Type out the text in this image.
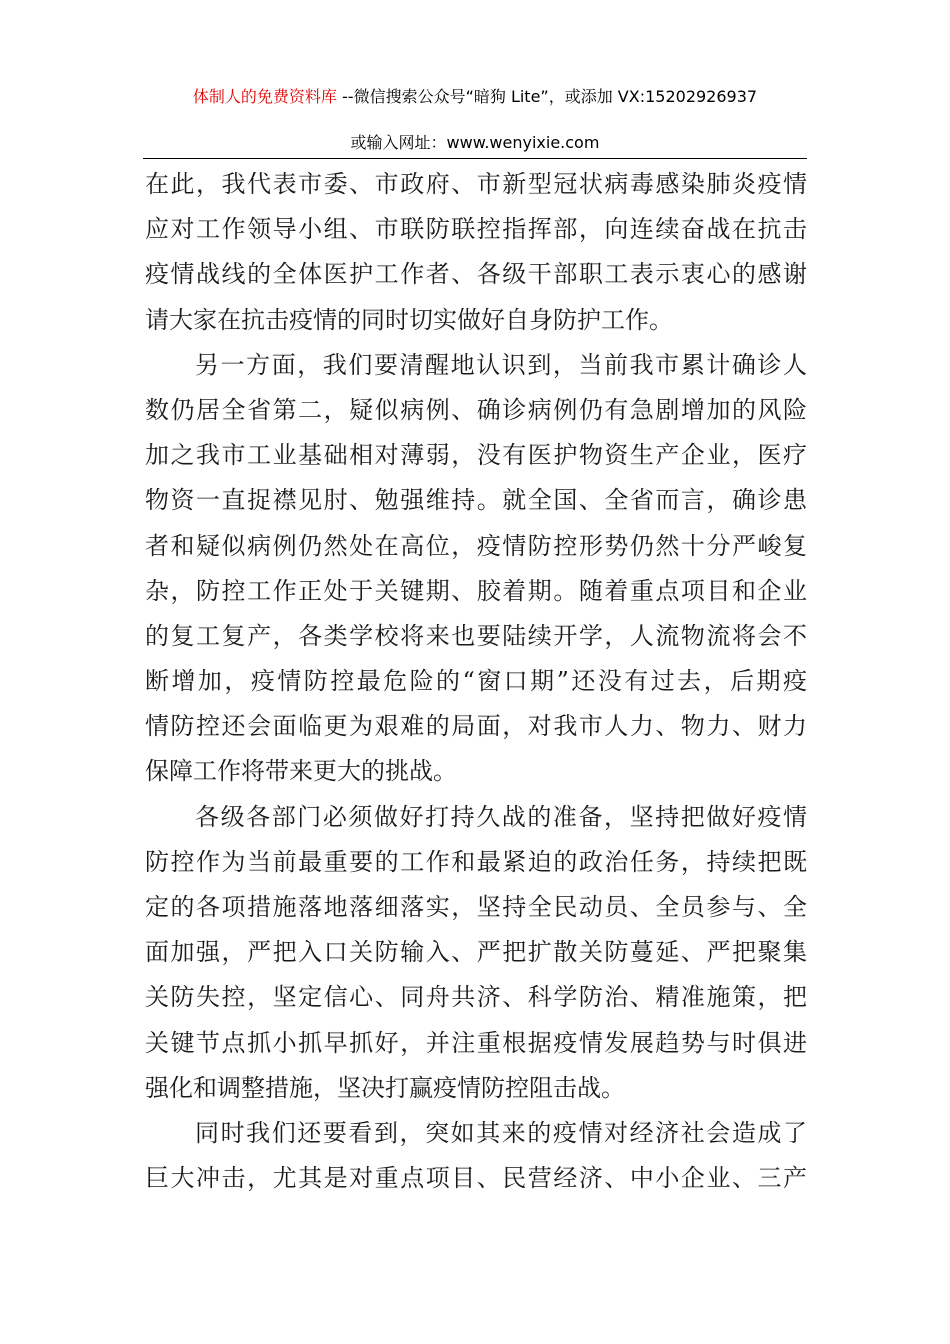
体制人的免费资料库 --微信搜索公众号“暗狗 Lite”，或添加 VX:15202926937
或输入网址：www.wenyixie.com
在此，我代表市委、市政府、市新型冠状病毒感染肺炎疫情
应对工作领导小组、市联防联控指挥部，向连续奋战在抗击
疫情战线的全体医护工作者、各级干部职工表示衷心的感谢
请大家在抗击疫情的同时切实做好自身防护工作。
另一方面，我们要清醒地认识到，当前我市累计确诊人
数仍居全省第二，疑似病例、确诊病例仍有急剧增加的风险
加之我市工业基础相对薄弱，没有医护物资生产企业，医疗
物资一直捉襟见肘、勉强维持。就全国、全省而言，确诊患
者和疑似病例仍然处在高位，疫情防控形势仍然十分严峻复
杂，防控工作正处于关键期、胶着期。随着重点项目和企业
的复工复产，各类学校将来也要陆续开学，人流物流将会不
断增加，疫情防控最危险的“窗口期”还没有过去，后期疫
情防控还会面临更为艰难的局面，对我市人力、物力、财力
保障工作将带来更大的挑战。
各级各部门必须做好打持久战的准备，坚持把做好疫情
防控作为当前最重要的工作和最紧迫的政治任务，持续把既
定的各项措施落地落细落实，坚持全民动员、全员参与、全
面加强，严把入口关防输入、严把扩散关防蔓延、严把聚集
关防失控，坚定信心、同舟共济、科学防治、精准施策，把
关键节点抓小抓早抓好，并注重根据疫情发展趋势与时俱进
强化和调整措施，坚决打赢疫情防控阻击战。
同时我们还要看到，突如其来的疫情对经济社会造成了
巨大冲击，尤其是对重点项目、民营经济、中小企业、三产
